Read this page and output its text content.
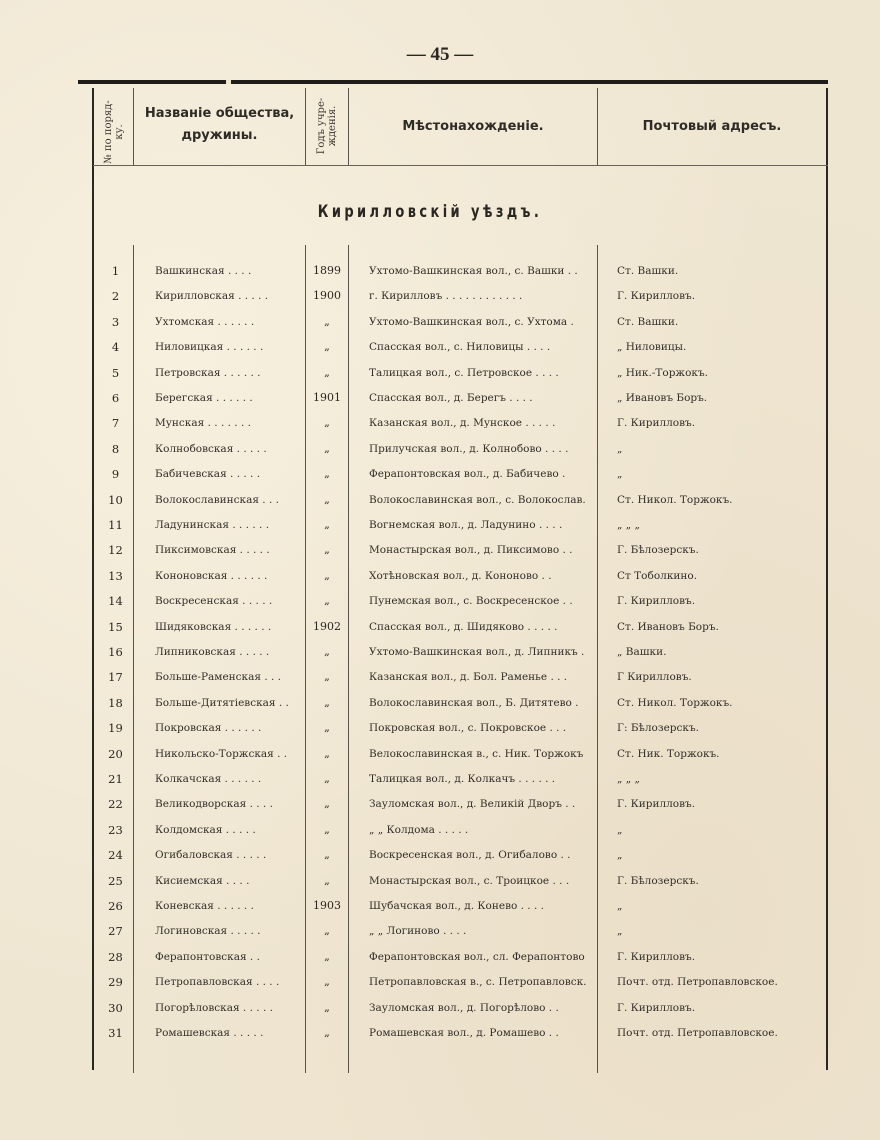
— 45 —
№ по поряд- ку.
Названіе общества,
дружины.	Годъ учре- жденія.	Мѣстонахожденіе.	Почтовый адресъ.
Кирилловскій уѣздъ.
1	Вашкинская . . . .	1899	Ухтомо-Вашкинская вол., с. Вашки . .	Ст. Вашки.
2	Кирилловская . . . . .	1900	г. Кирилловъ . . . . . . . . . . . .	Г. Кирилловъ.
3	Ухтомская . . . . . .	„	Ухтомо-Вашкинская вол., с. Ухтома .	Ст. Вашки.
4	Ниловицкая . . . . . .	„	Спасская вол., с. Ниловицы . . . .	„ Ниловицы.
5	Петровская . . . . . .	„	Талицкая вол., с. Петровское . . . .	„ Ник.-Торжокъ.
6	Берегская . . . . . .	1901	Спасская вол., д. Берегъ . . . .	„ Ивановъ Боръ.
7	Мунская . . . . . . .	„	Казанская вол., д. Мунское . . . . .	Г. Кирилловъ.
8	Колнобовская . . . . .	„	Прилучская вол., д. Колнобово . . . .	„
9	Бабичевская . . . . .	„	Ферапонтовская вол., д. Бабичево .	„
10	Волокославинская . . .	„	Волокославинская вол., с. Волокослав.	Ст. Никол. Торжокъ.
11	Ладунинская . . . . . .	„	Вогнемская вол., д. Ладунино . . . .	„ „ „
12	Пиксимовская . . . . .	„	Монастырская вол., д. Пиксимово . .	Г. Бѣлозерскъ.
13	Кононовская . . . . . .	„	Хотѣновская вол., д. Кононово . .	Ст Тоболкино.
14	Воскресенская . . . . .	„	Пунемская вол., с. Воскресенское . .	Г. Кирилловъ.
15	Шидяковская . . . . . .	1902	Спасская вол., д. Шидяково . . . . .	Ст. Ивановъ Боръ.
16	Липниковская . . . . .	„	Ухтомо-Вашкинская вол., д. Липникъ .	„ Вашки.
17	Больше-Раменская . . .	„	Казанская вол., д. Бол. Раменье . . .	Г Кирилловъ.
18	Больше-Дитятіевская . .	„	Волокославинская вол., Б. Дитятево .	Ст. Никол. Торжокъ.
19	Покровская . . . . . .	„	Покровская вол., с. Покровское . . .	Г: Бѣлозерскъ.
20	Никольско-Торжская . .	„	Велокославинская в., с. Ник. Торжокъ	Ст. Ник. Торжокъ.
21	Колкачская . . . . . .	„	Талицкая вол., д. Колкачъ . . . . . .	„ „ „
22	Великодворская . . . .	„	Зауломская вол., д. Великій Дворъ . .	Г. Кирилловъ.
23	Колдомская . . . . .	„	„ „ Колдома . . . . .	„
24	Огибаловская . . . . .	„	Воскресенская вол., д. Огибалово . .	„
25	Кисиемская . . . .	„	Монастырская вол., с. Троицкое . . .	Г. Бѣлозерскъ.
26	Коневская . . . . . .	1903	Шубачская вол., д. Конево . . . .	„
27	Логиновская . . . . .	„	„ „ Логиново . . . .	„
28	Ферапонтовская . .	„	Ферапонтовская вол., сл. Ферапонтово	Г. Кирилловъ.
29	Петропавловская . . . .	„	Петропавловская в., с. Петропавловск.	Почт. отд. Петропавловское.
30	Погорѣловская . . . . .	„	Зауломская вол., д. Погорѣлово . .	Г. Кирилловъ.
31	Ромашевская . . . . .	„	Ромашевская вол., д. Ромашево . .	Почт. отд. Петропавловское.
